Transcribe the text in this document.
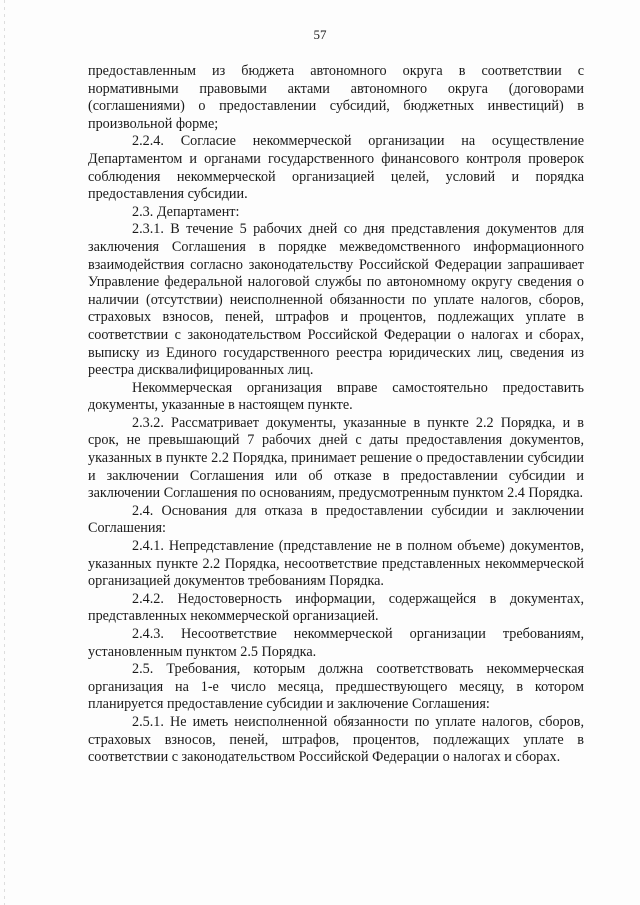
57

предоставленным из бюджета автономного округа в соответствии с нормативными правовыми актами автономного округа (договорами (соглашениями) о предоставлении субсидий, бюджетных инвестиций) в произвольной форме;

2.2.4. Согласие некоммерческой организации на осуществление Департаментом и органами государственного финансового контроля проверок соблюдения некоммерческой организацией целей, условий и порядка предоставления субсидии.

2.3. Департамент:

2.3.1. В течение 5 рабочих дней со дня представления документов для заключения Соглашения в порядке межведомственного информационного взаимодействия согласно законодательству Российской Федерации запрашивает Управление федеральной налоговой службы по автономному округу сведения о наличии (отсутствии) неисполненной обязанности по уплате налогов, сборов, страховых взносов, пеней, штрафов и процентов, подлежащих уплате в соответствии с законодательством Российской Федерации о налогах и сборах, выписку из Единого государственного реестра юридических лиц, сведения из реестра дисквалифицированных лиц.

Некоммерческая организация вправе самостоятельно предоставить документы, указанные в настоящем пункте.

2.3.2. Рассматривает документы, указанные в пункте 2.2 Порядка, и в срок, не превышающий 7 рабочих дней с даты предоставления документов, указанных в пункте 2.2 Порядка, принимает решение о предоставлении субсидии и заключении Соглашения или об отказе в предоставлении субсидии и заключении Соглашения по основаниям, предусмотренным пунктом 2.4 Порядка.

2.4. Основания для отказа в предоставлении субсидии и заключении Соглашения:

2.4.1. Непредставление (представление не в полном объеме) документов, указанных пункте 2.2 Порядка, несоответствие представленных некоммерческой организацией документов требованиям Порядка.

2.4.2. Недостоверность информации, содержащейся в документах, представленных некоммерческой организацией.

2.4.3. Несоответствие некоммерческой организации требованиям, установленным пунктом 2.5 Порядка.

2.5. Требования, которым должна соответствовать некоммерческая организация на 1-е число месяца, предшествующего месяцу, в котором планируется предоставление субсидии и заключение Соглашения:

2.5.1. Не иметь неисполненной обязанности по уплате налогов, сборов, страховых взносов, пеней, штрафов, процентов, подлежащих уплате в соответствии с законодательством Российской Федерации о налогах и сборах.
